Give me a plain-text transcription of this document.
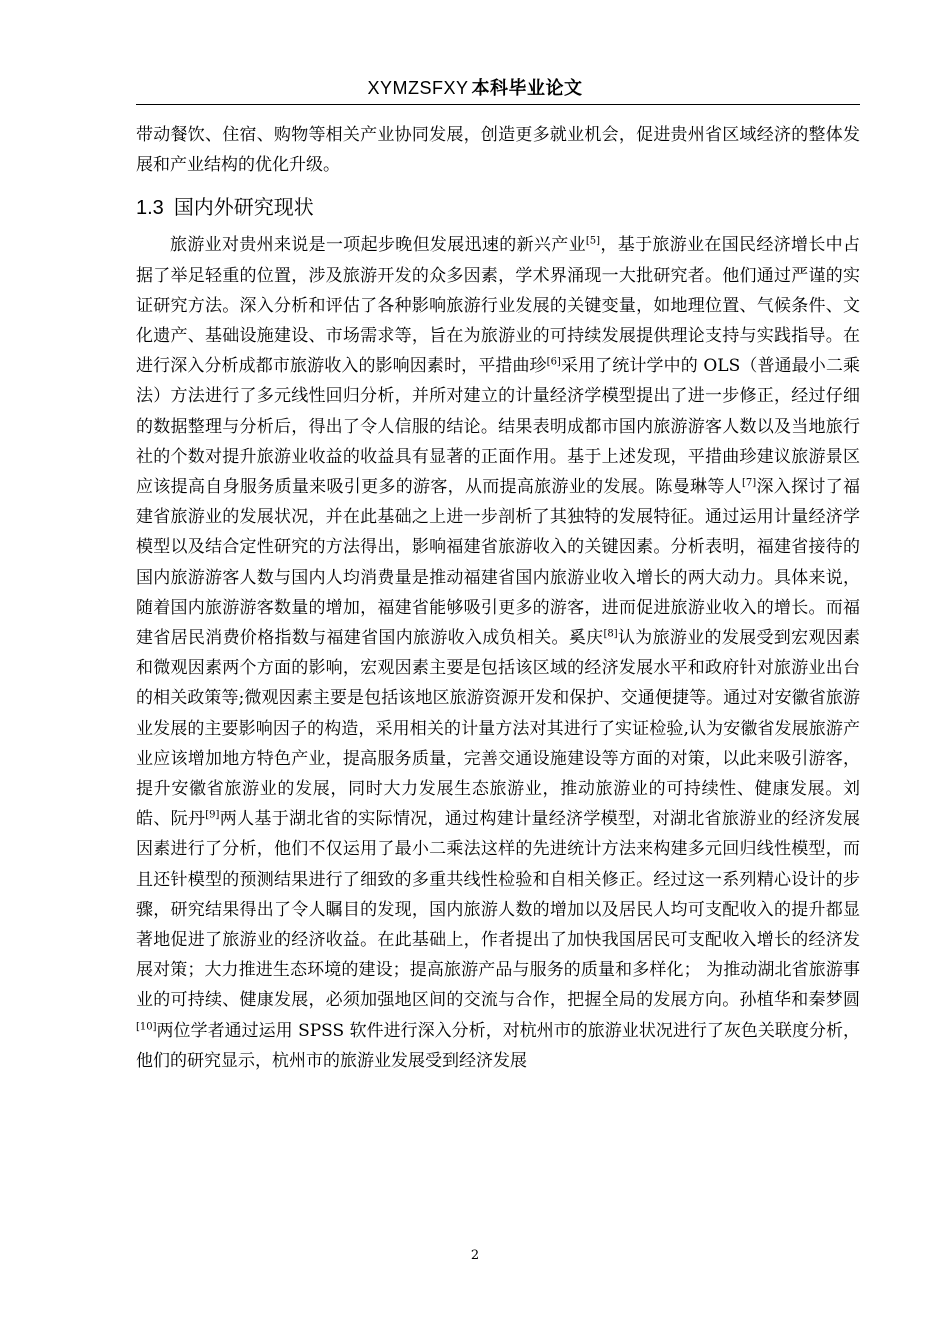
XYMZSFXY 本科毕业论文

带动餐饮、住宿、购物等相关产业协同发展，创造更多就业机会，促进贵州省区域经济的整体发展和产业结构的优化升级。

1.3 国内外研究现状

旅游业对贵州来说是一项起步晚但发展迅速的新兴产业[5]，基于旅游业在国民经济增长中占据了举足轻重的位置，涉及旅游开发的众多因素，学术界涌现一大批研究者。他们通过严谨的实证研究方法。深入分析和评估了各种影响旅游行业发展的关键变量，如地理位置、气候条件、文化遗产、基础设施建设、市场需求等，旨在为旅游业的可持续发展提供理论支持与实践指导。在进行深入分析成都市旅游收入的影响因素时，平措曲珍[6]采用了统计学中的 OLS（普通最小二乘法）方法进行了多元线性回归分析，并所对建立的计量经济学模型提出了进一步修正，经过仔细的数据整理与分析后，得出了令人信服的结论。结果表明成都市国内旅游游客人数以及当地旅行社的个数对提升旅游业收益的收益具有显著的正面作用。基于上述发现，平措曲珍建议旅游景区应该提高自身服务质量来吸引更多的游客，从而提高旅游业的发展。陈曼琳等人[7]深入探讨了福建省旅游业的发展状况，并在此基础之上进一步剖析了其独特的发展特征。通过运用计量经济学模型以及结合定性研究的方法得出，影响福建省旅游收入的关键因素。分析表明，福建省接待的国内旅游游客人数与国内人均消费量是推动福建省国内旅游业收入增长的两大动力。具体来说，随着国内旅游游客数量的增加，福建省能够吸引更多的游客，进而促进旅游业收入的增长。而福建省居民消费价格指数与福建省国内旅游收入成负相关。奚庆[8]认为旅游业的发展受到宏观因素和微观因素两个方面的影响，宏观因素主要是包括该区域的经济发展水平和政府针对旅游业出台的相关政策等;微观因素主要是包括该地区旅游资源开发和保护、交通便捷等。通过对安徽省旅游业发展的主要影响因子的构造，采用相关的计量方法对其进行了实证检验,认为安徽省发展旅游产业应该增加地方特色产业，提高服务质量，完善交通设施建设等方面的对策，以此来吸引游客，提升安徽省旅游业的发展，同时大力发展生态旅游业，推动旅游业的可持续性、健康发展。刘皓、阮丹[9]两人基于湖北省的实际情况，通过构建计量经济学模型，对湖北省旅游业的经济发展因素进行了分析，他们不仅运用了最小二乘法这样的先进统计方法来构建多元回归线性模型，而且还针模型的预测结果进行了细致的多重共线性检验和自相关修正。经过这一系列精心设计的步骤，研究结果得出了令人瞩目的发现，国内旅游人数的增加以及居民人均可支配收入的提升都显著地促进了旅游业的经济收益。在此基础上，作者提出了加快我国居民可支配收入增长的经济发展对策；大力推进生态环境的建设；提高旅游产品与服务的质量和多样化； 为推动湖北省旅游事业的可持续、健康发展，必须加强地区间的交流与合作，把握全局的发展方向。孙植华和秦梦圆[10]两位学者通过运用 SPSS 软件进行深入分析，对杭州市的旅游业状况进行了灰色关联度分析，他们的研究显示，杭州市的旅游业发展受到经济发展

2
